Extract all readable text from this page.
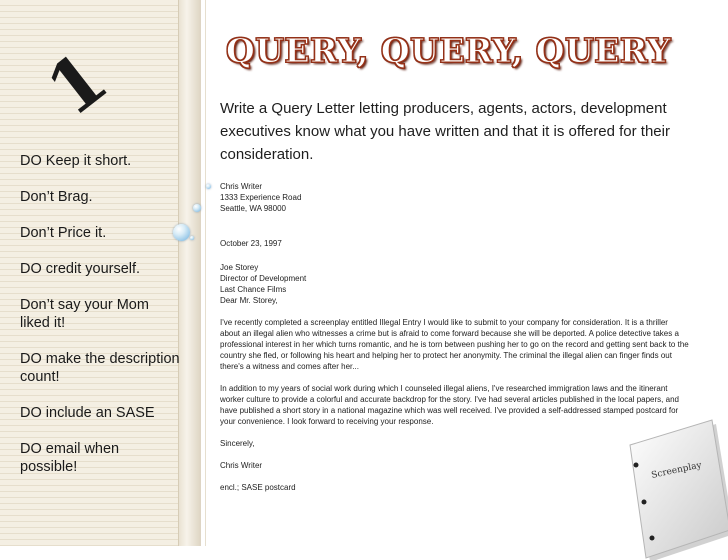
1
DO Keep it short.
Don’t Brag.
Don’t Price it.
DO credit yourself.
Don’t say your Mom liked it!
DO make the description count!
DO include an SASE
DO email when possible!
QUERY, QUERY, QUERY
Write a Query Letter letting producers, agents, actors, development executives know what you have written and that it is offered for their consideration.

Chris Writer

1333 Experience Road

Seattle, WA 98000

October 23, 1997

Joe Storey

Director of Development

Last Chance Films

Dear Mr. Storey,

I've recently completed a screenplay entitled Illegal Entry I would like to submit to your company for consideration. It is a thriller about an illegal alien who witnesses a crime but is afraid to come forward because she will be deported. A police detective takes a professional interest in her which turns romantic, and he is torn between pushing her to go on the record and getting sent back to the country she fled, or following his heart and helping her to protect her anonymity. The criminal the illegal alien can finger finds out there's a witness and comes after her...

In addition to my years of social work during which I counseled illegal aliens, I've researched immigration laws and the itinerant worker culture to provide a colorful and accurate backdrop for the story. I've had several articles published in the local papers, and have published a short story in a national magazine which was well received. I've provided a self-addressed stamped postcard for your convenience. I look forward to receiving your response.

Sincerely,

Chris Writer

encl.; SASE postcard

Screenplay
